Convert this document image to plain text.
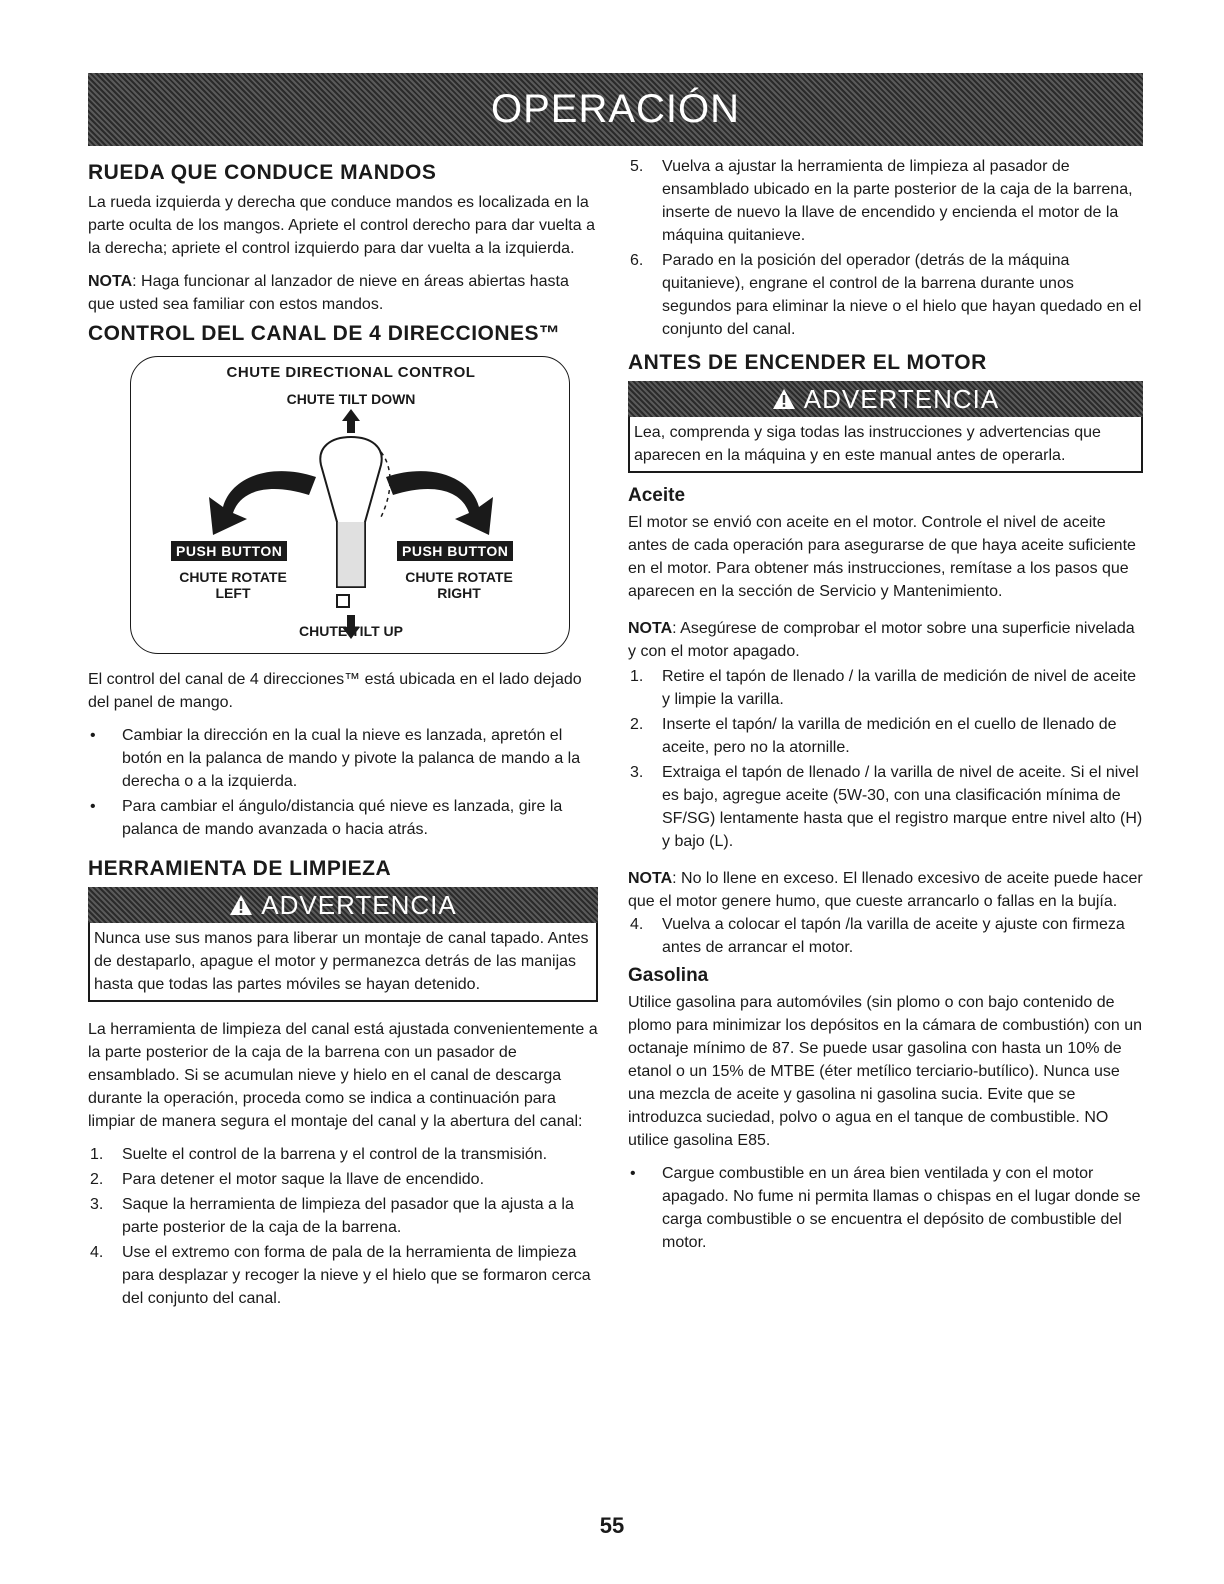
OPERACIÓN
RUEDA QUE CONDUCE MANDOS

La rueda izquierda y derecha que conduce mandos es localizada en la parte oculta de los mangos. Apriete el control derecho para dar vuelta a la derecha; apriete el control izquierdo para dar vuelta a la izquierda.

NOTA: Haga funcionar al lanzador de nieve en áreas abiertas hasta que usted sea familiar con estos mandos.

CONTROL DEL CANAL DE 4 DIRECCIONES™
CHUTE DIRECTIONAL CONTROL
CHUTE TILT DOWN
PUSH BUTTON	PUSH BUTTON
CHUTE ROTATE LEFT
CHUTE ROTATE RIGHT
CHUTE TILT UP

El control del canal de 4 direcciones™ está ubicada en el lado dejado del panel de mango.

• Cambiar la dirección en la cual la nieve es lanzada, apretón el botón en la palanca de mando y pivote la palanca de mando a la derecha o a la izquierda.
• Para cambiar el ángulo/distancia qué nieve es lanzada, gire la palanca de mando avanzada o hacia atrás.
HERRAMIENTA DE LIMPIEZA
ADVERTENCIA
Nunca use sus manos para liberar un montaje de canal tapado. Antes de destaparlo, apague el motor y permanezca detrás de las manijas hasta que todas las partes móviles se hayan detenido.

La herramienta de limpieza del canal está ajustada convenientemente a la parte posterior de la caja de la barrena con un pasador de ensamblado. Si se acumulan nieve y hielo en el canal de descarga durante la operación, proceda como se indica a continuación para limpiar de manera segura el montaje del canal y la abertura del canal:

1. Suelte el control de la barrena y el control de la transmisión.
2. Para detener el motor saque la llave de encendido.
3. Saque la herramienta de limpieza del pasador que la ajusta a la parte posterior de la caja de la barrena.
4. Use el extremo con forma de pala de la herramienta de limpieza para desplazar y recoger la nieve y el hielo que se formaron cerca del conjunto del canal.
5. Vuelva a ajustar la herramienta de limpieza al pasador de ensamblado ubicado en la parte posterior de la caja de la barrena, inserte de nuevo la llave de encendido y encienda el motor de la máquina quitanieve.
6. Parado en la posición del operador (detrás de la máquina quitanieve), engrane el control de la barrena durante unos segundos para eliminar la nieve o el hielo que hayan quedado en el conjunto del canal.
ANTES DE ENCENDER EL MOTOR
ADVERTENCIA
Lea, comprenda y siga todas las instrucciones y advertencias que aparecen en la máquina y en este manual antes de operarla.
Aceite

El motor se envió con aceite en el motor. Controle el nivel de aceite antes de cada operación para asegurarse de que haya aceite suficiente en el motor. Para obtener más instrucciones, remítase a los pasos que aparecen en la sección de Servicio y Mantenimiento.

NOTA: Asegúrese de comprobar el motor sobre una superficie nivelada y con el motor apagado.

1. Retire el tapón de llenado / la varilla de medición de nivel de aceite y limpie la varilla.
2. Inserte el tapón/ la varilla de medición en el cuello de llenado de aceite, pero no la atornille.
3. Extraiga el tapón de llenado / la varilla de nivel de aceite. Si el nivel es bajo, agregue aceite (5W-30, con una clasificación mínima de SF/SG) lentamente hasta que el registro marque entre nivel alto (H) y bajo (L).

NOTA: No lo llene en exceso. El llenado excesivo de aceite puede hacer que el motor genere humo, que cueste arrancarlo o fallas en la bujía.

4. Vuelva a colocar el tapón /la varilla de aceite y ajuste con firmeza antes de arrancar el motor.
Gasolina

Utilice gasolina para automóviles (sin plomo o con bajo contenido de plomo para minimizar los depósitos en la cámara de combustión) con un octanaje mínimo de 87. Se puede usar gasolina con hasta un 10% de etanol o un 15% de MTBE (éter metílico terciario-butílico). Nunca use una mezcla de aceite y gasolina ni gasolina sucia. Evite que se introduzca suciedad, polvo o agua en el tanque de combustible. NO utilice gasolina E85.

• Cargue combustible en un área bien ventilada y con el motor apagado. No fume ni permita llamas o chispas en el lugar donde se carga combustible o se encuentra el depósito de combustible del motor.
55
